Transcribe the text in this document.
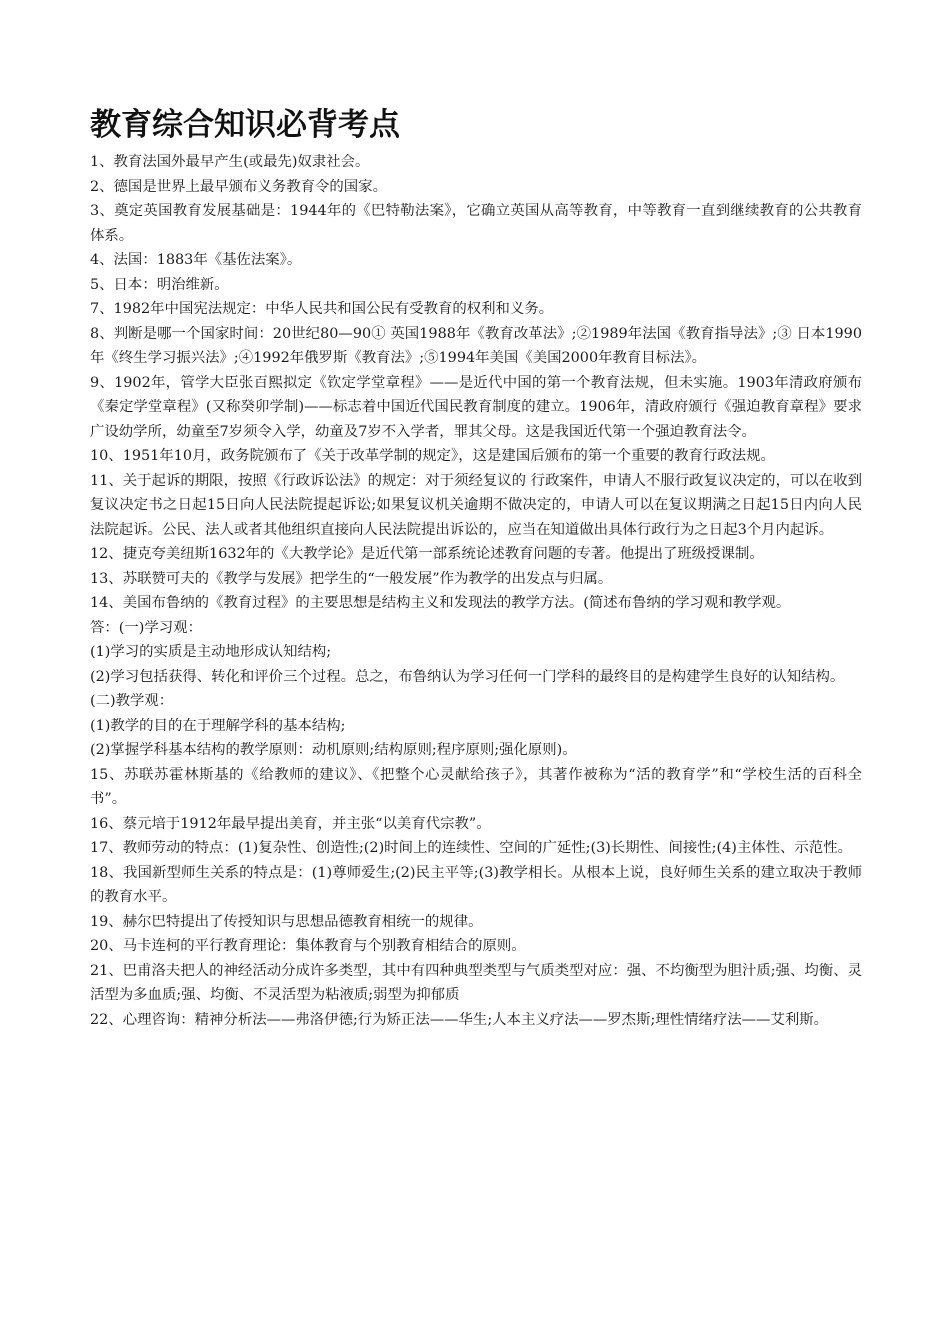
教育综合知识必背考点

1、教育法国外最早产生(或最先)奴隶社会。

2、德国是世界上最早颁布义务教育令的国家。

3、奠定英国教育发展基础是：1944年的《巴特勒法案》，它确立英国从高等教育，中等教育一直到继续教育的公共教育体系。

4、法国：1883年《基佐法案》。

5、日本：明治维新。

7、1982年中国宪法规定：中华人民共和国公民有受教育的权利和义务。

8、判断是哪一个国家时间：20世纪80—90① 英国1988年《教育改革法》;②1989年法国《教育指导法》;③ 日本1990年《终生学习振兴法》;④1992年俄罗斯《教育法》;⑤1994年美国《美国2000年教育目标法》。

9、1902年，管学大臣张百熙拟定《钦定学堂章程》——是近代中国的第一个教育法规，但未实施。1903年清政府颁布《秦定学堂章程》(又称癸卯学制)——标志着中国近代国民教育制度的建立。1906年，清政府颁行《强迫教育章程》要求广设幼学所，幼童至7岁须令入学，幼童及7岁不入学者，罪其父母。这是我国近代第一个强迫教育法令。

10、1951年10月，政务院颁布了《关于改革学制的规定》，这是建国后颁布的第一个重要的教育行政法规。

11、关于起诉的期限，按照《行政诉讼法》的规定：对于须经复议的 行政案件，申请人不服行政复议决定的，可以在收到复议决定书之日起15日向人民法院提起诉讼;如果复议机关逾期不做决定的，申请人可以在复议期满之日起15日内向人民法院起诉。公民、法人或者其他组织直接向人民法院提出诉讼的，应当在知道做出具体行政行为之日起3个月内起诉。

12、捷克夸美纽斯1632年的《大教学论》是近代第一部系统论述教育问题的专著。他提出了班级授课制。

13、苏联赞可夫的《教学与发展》把学生的“一般发展”作为教学的出发点与归属。

14、美国布鲁纳的《教育过程》的主要思想是结构主义和发现法的教学方法。(简述布鲁纳的学习观和教学观。

答：(一)学习观：

(1)学习的实质是主动地形成认知结构;

(2)学习包括获得、转化和评价三个过程。总之，布鲁纳认为学习任何一门学科的最终目的是构建学生良好的认知结构。

(二)教学观：

(1)教学的目的在于理解学科的基本结构;

(2)掌握学科基本结构的教学原则：动机原则;结构原则;程序原则;强化原则)。

15、苏联苏霍林斯基的《给教师的建议》、《把整个心灵献给孩子》，其著作被称为“活的教育学”和“学校生活的百科全书”。

16、蔡元培于1912年最早提出美育，并主张“以美育代宗教”。

17、教师劳动的特点：(1)复杂性、创造性;(2)时间上的连续性、空间的广延性;(3)长期性、间接性;(4)主体性、示范性。

18、我国新型师生关系的特点是：(1)尊师爱生;(2)民主平等;(3)教学相长。从根本上说，良好师生关系的建立取决于教师的教育水平。

19、赫尔巴特提出了传授知识与思想品德教育相统一的规律。

20、马卡连柯的平行教育理论：集体教育与个别教育相结合的原则。

21、巴甫洛夫把人的神经活动分成许多类型，其中有四种典型类型与气质类型对应：强、不均衡型为胆汁质;强、均衡、灵活型为多血质;强、均衡、不灵活型为粘液质;弱型为抑郁质

22、心理咨询：精神分析法——弗洛伊德;行为矫正法——华生;人本主义疗法——罗杰斯;理性情绪疗法——艾利斯。
